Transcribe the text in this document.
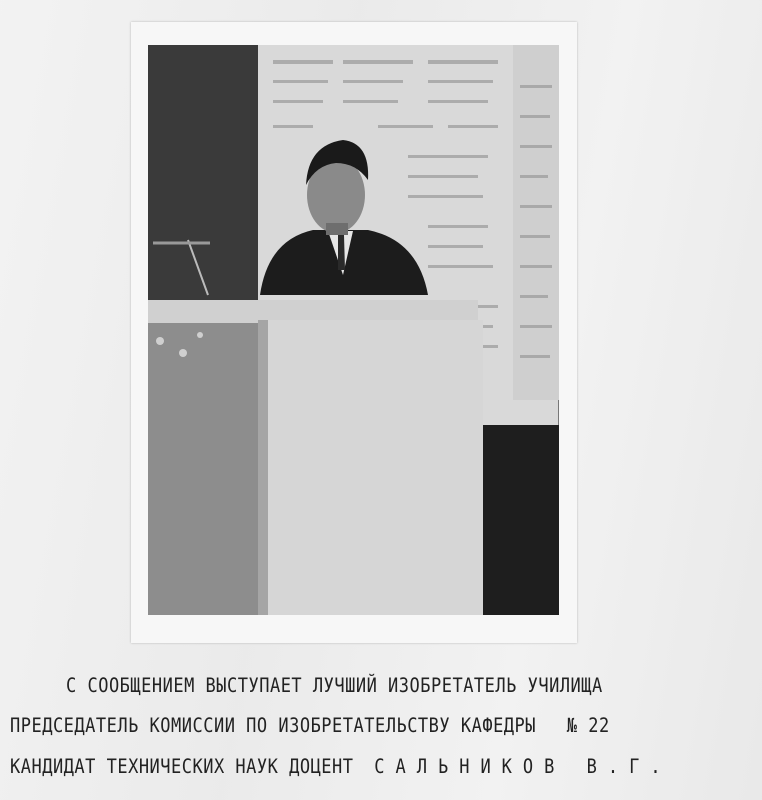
С СООБЩЕНИЕМ ВЫСТУПАЕТ ЛУЧШИЙ ИЗОБРЕТАТЕЛЬ УЧИЛИЩА
ПРЕДСЕДАТЕЛЬ КОМИССИИ ПО ИЗОБРЕТАТЕЛЬСТВУ КАФЕДРЫ № 22
КАНДИДАТ ТЕХНИЧЕСКИХ НАУК ДОЦЕНТ САЛЬНИКОВ В.Г.
